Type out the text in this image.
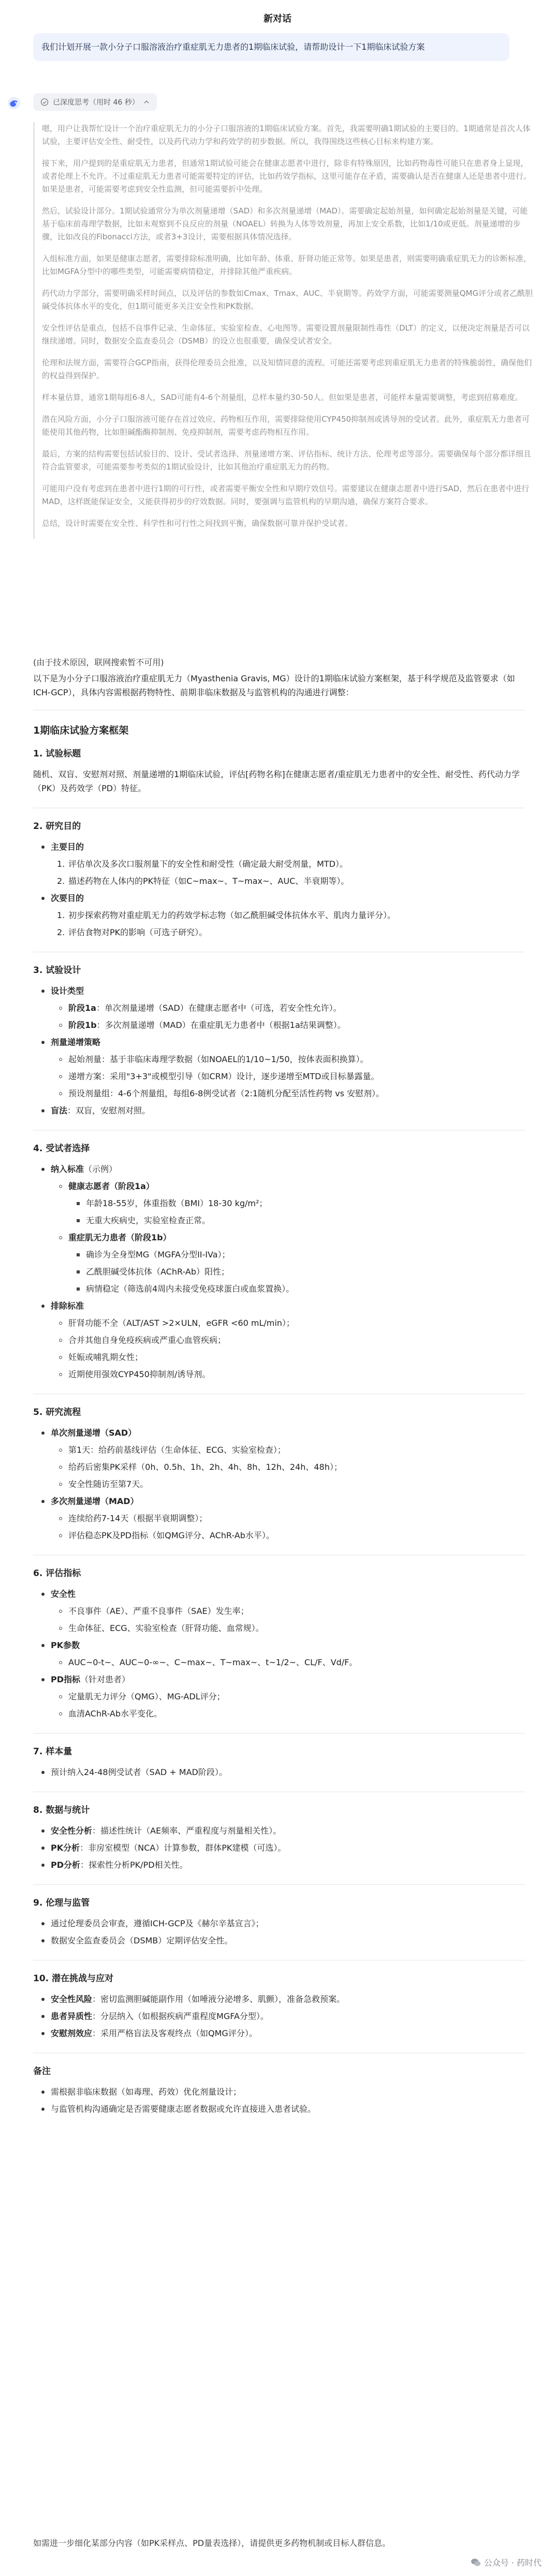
新对话
我们计划开展一款小分子口服溶液治疗重症肌无力患者的1期临床试验，请帮助设计一下1期临床试验方案
已深度思考（用时 46 秒）

嗯，用户让我帮忙设计一个治疗重症肌无力的小分子口服溶液的1期临床试验方案。首先，我需要明确1期试验的主要目的。1期通常是首次人体试验，主要评估安全性、耐受性，以及药代动力学和药效学的初步数据。所以，我得围绕这些核心目标来构建方案。

接下来，用户提到的是重症肌无力患者，但通常1期试验可能会在健康志愿者中进行，除非有特殊原因，比如药物毒性可能只在患者身上显现，或者伦理上不允许。不过重症肌无力患者可能需要特定的评估，比如药效学指标，这里可能存在矛盾，需要确认是否在健康人还是患者中进行。如果是患者，可能需要考虑到安全性监测，但可能需要折中处理。

然后，试验设计部分。1期试验通常分为单次剂量递增（SAD）和多次剂量递增（MAD）。需要确定起始剂量，如何确定起始剂量是关键，可能基于临床前毒理学数据，比如未观察到不良反应的剂量（NOAEL）转换为人体等效剂量，再加上安全系数，比如1/10或更低。剂量递增的步骤，比如改良的Fibonacci方法，或者3+3设计，需要根据具体情况选择。

入组标准方面，如果是健康志愿者，需要排除标准明确，比如年龄、体重、肝肾功能正常等。如果是患者，则需要明确重症肌无力的诊断标准，比如MGFA分型中的哪些类型，可能需要病情稳定，并排除其他严重疾病。

药代动力学部分，需要明确采样时间点，以及评估的参数如Cmax、Tmax、AUC、半衰期等。药效学方面，可能需要测量QMG评分或者乙酰胆碱受体抗体水平的变化，但1期可能更多关注安全性和PK数据。

安全性评估是重点，包括不良事件记录、生命体征、实验室检查、心电图等。需要设置剂量限制性毒性（DLT）的定义，以便决定剂量是否可以继续递增。同时，数据安全监查委员会（DSMB）的设立也很重要，确保受试者安全。

伦理和法规方面，需要符合GCP指南，获得伦理委员会批准，以及知情同意的流程。可能还需要考虑到重症肌无力患者的特殊脆弱性，确保他们的权益得到保护。

样本量估算，通常1期每组6-8人，SAD可能有4-6个剂量组，总样本量约30-50人。但如果是患者，可能样本量需要调整，考虑到招募难度。

潜在风险方面，小分子口服溶液可能存在首过效应、药物相互作用，需要排除使用CYP450抑制剂或诱导剂的受试者。此外，重症肌无力患者可能使用其他药物，比如胆碱酯酶抑制剂、免疫抑制剂，需要考虑药物相互作用。

最后，方案的结构需要包括试验目的、设计、受试者选择、剂量递增方案、评估指标、统计方法、伦理考虑等部分。需要确保每个部分都详细且符合监管要求，可能需要参考类似的1期试验设计，比如其他治疗重症肌无力的药物。

可能用户没有考虑到在患者中进行1期的可行性，或者需要平衡安全性和早期疗效信号。需要建议在健康志愿者中进行SAD，然后在患者中进行MAD，这样既能保证安全，又能获得初步的疗效数据。同时，要强调与监管机构的早期沟通，确保方案符合要求。

总结，设计时需要在安全性、科学性和可行性之间找到平衡，确保数据可靠并保护受试者。

(由于技术原因，联网搜索暂不可用)

以下是为小分子口服溶液治疗重症肌无力（Myasthenia Gravis, MG）设计的1期临床试验方案框架，基于科学规范及监管要求（如ICH-GCP），具体内容需根据药物特性、前期非临床数据及与监管机构的沟通进行调整：

1期临床试验方案框架
1. 试验标题

随机、双盲、安慰剂对照、剂量递增的1期临床试验，评估[药物名称]在健康志愿者/重症肌无力患者中的安全性、耐受性、药代动力学（PK）及药效学（PD）特征。

2. 研究目的
主要目的
1. 评估单次及多次口服剂量下的安全性和耐受性（确定最大耐受剂量，MTD）。
2. 描述药物在人体内的PK特征（如C~max~、T~max~、AUC、半衰期等）。
次要目的
1. 初步探索药物对重症肌无力的药效学标志物（如乙酰胆碱受体抗体水平、肌肉力量评分）。
2. 评估食物对PK的影响（可选子研究）。
3. 试验设计
设计类型
阶段1a：单次剂量递增（SAD）在健康志愿者中（可选，若安全性允许）。
阶段1b：多次剂量递增（MAD）在重症肌无力患者中（根据1a结果调整）。
剂量递增策略
起始剂量：基于非临床毒理学数据（如NOAEL的1/10~1/50，按体表面积换算）。
递增方案：采用"3+3"或模型引导（如CRM）设计，逐步递增至MTD或目标暴露量。
预设剂量组：4-6个剂量组，每组6-8例受试者（2:1随机分配至活性药物 vs 安慰剂）。
盲法：双盲，安慰剂对照。
4. 受试者选择
纳入标准（示例）
健康志愿者（阶段1a）
年龄18-55岁，体重指数（BMI）18-30 kg/m²；
无重大疾病史，实验室检查正常。
重症肌无力患者（阶段1b）
确诊为全身型MG（MGFA分型II-IVa）；
乙酰胆碱受体抗体（AChR-Ab）阳性；
病情稳定（筛选前4周内未接受免疫球蛋白或血浆置换）。
排除标准
肝肾功能不全（ALT/AST >2×ULN，eGFR <60 mL/min）；
合并其他自身免疫疾病或严重心血管疾病；
妊娠或哺乳期女性；
近期使用强效CYP450抑制剂/诱导剂。
5. 研究流程
单次剂量递增（SAD）
第1天：给药前基线评估（生命体征、ECG、实验室检查）；
给药后密集PK采样（0h、0.5h、1h、2h、4h、8h、12h、24h、48h）；
安全性随访至第7天。
多次剂量递增（MAD）
连续给药7-14天（根据半衰期调整）；
评估稳态PK及PD指标（如QMG评分、AChR-Ab水平）。
6. 评估指标
安全性
不良事件（AE）、严重不良事件（SAE）发生率；
生命体征、ECG、实验室检查（肝肾功能、血常规）。
PK参数
AUC~0-t~、AUC~0-∞~、C~max~、T~max~、t~1/2~、CL/F、Vd/F。
PD指标（针对患者）
定量肌无力评分（QMG）、MG-ADL评分；
血清AChR-Ab水平变化。
7. 样本量
预计纳入24-48例受试者（SAD + MAD阶段）。
8. 数据与统计
安全性分析：描述性统计（AE频率、严重程度与剂量相关性）。
PK分析：非房室模型（NCA）计算参数，群体PK建模（可选）。
PD分析：探索性分析PK/PD相关性。
9. 伦理与监管
通过伦理委员会审查，遵循ICH-GCP及《赫尔辛基宣言》；
数据安全监查委员会（DSMB）定期评估安全性。
10. 潜在挑战与应对
安全性风险：密切监测胆碱能副作用（如唾液分泌增多、肌颤），准备急救预案。
患者异质性：分层纳入（如根据疾病严重程度MGFA分型）。
安慰剂效应：采用严格盲法及客观终点（如QMG评分）。
备注
需根据非临床数据（如毒理、药效）优化剂量设计；
与监管机构沟通确定是否需要健康志愿者数据或允许直接进入患者试验。
如需进一步细化某部分内容（如PK采样点、PD量表选择），请提供更多药物机制或目标人群信息。
公众号 · 药时代
